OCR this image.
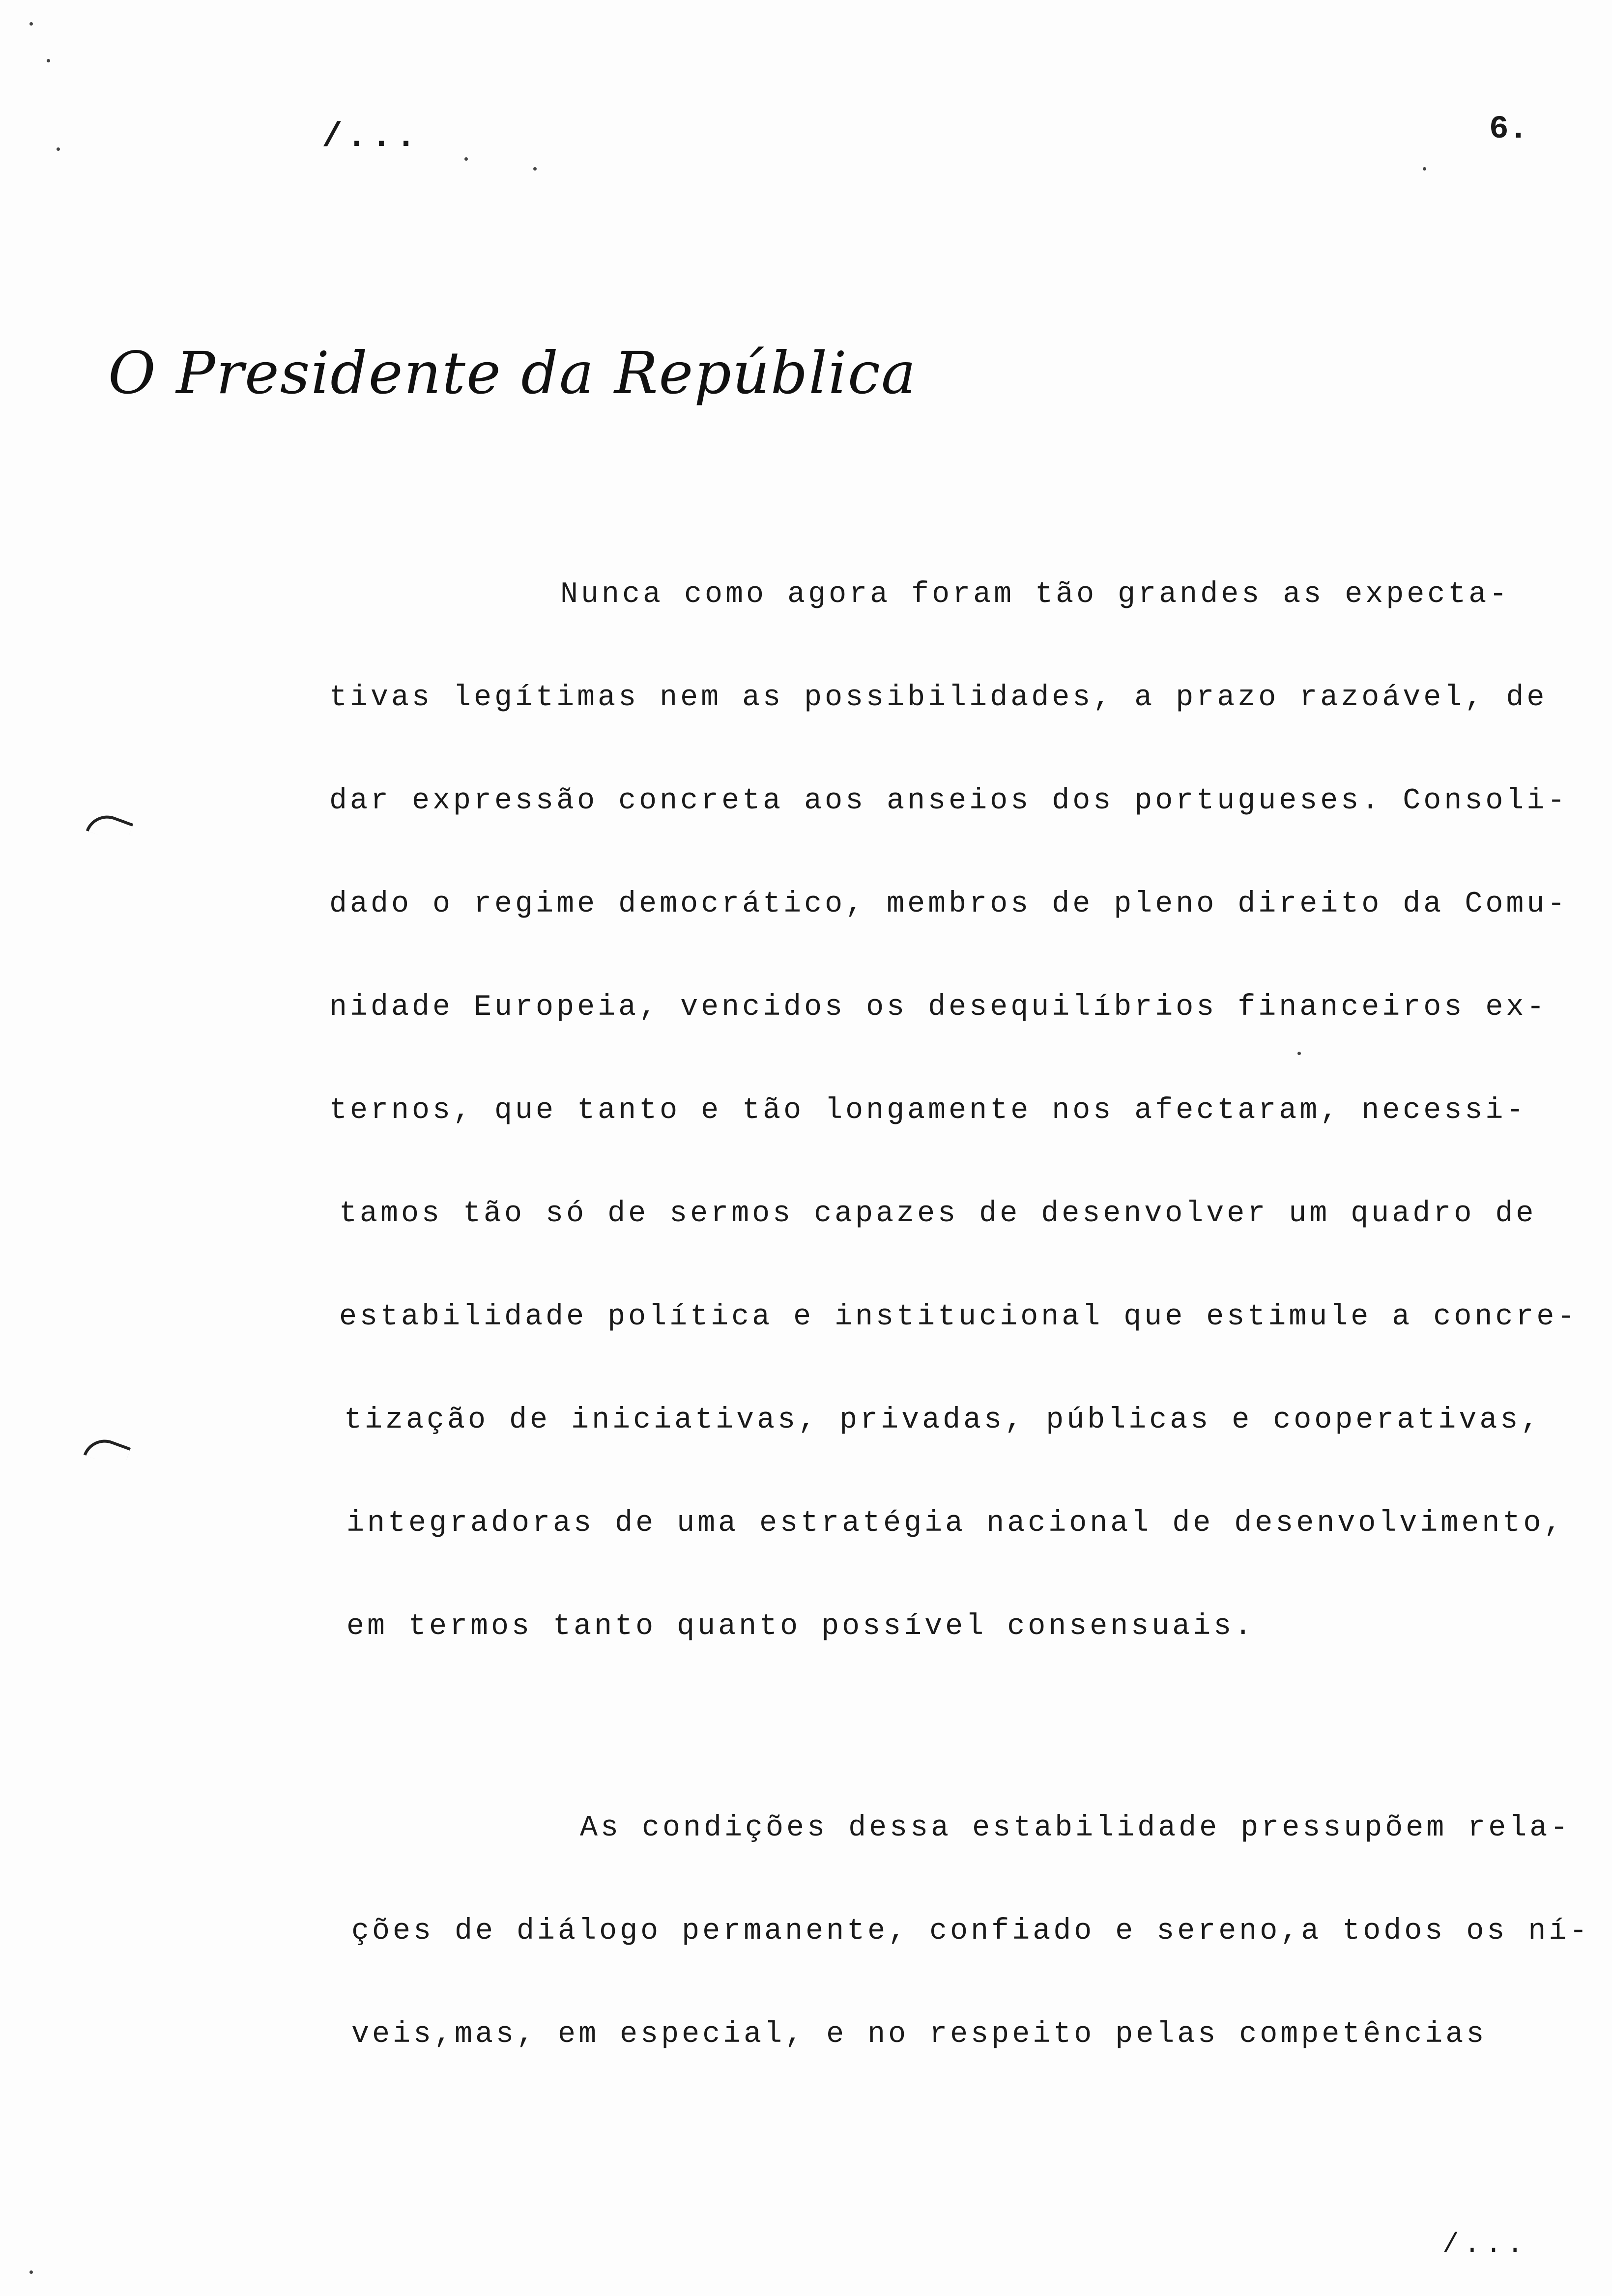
/...	6.
O Presidente da República
Nunca como agora foram tão grandes as expecta-
tivas legítimas nem as possibilidades, a prazo razoável, de
dar expressão concreta aos anseios dos portugueses. Consoli-
dado o regime democrático, membros de pleno direito da Comu-
nidade Europeia, vencidos os desequilíbrios financeiros ex-
ternos, que tanto e tão longamente nos afectaram, necessi-
tamos tão só de sermos capazes de desenvolver um quadro de
estabilidade política e institucional que estimule a concre-
tização de iniciativas, privadas, públicas e cooperativas,
integradoras de uma estratégia nacional de desenvolvimento,
em termos tanto quanto possível consensuais.
As condições dessa estabilidade pressupõem rela-
ções de diálogo permanente, confiado e sereno,a todos os ní-
veis,mas, em especial, e no respeito pelas competências
/...
